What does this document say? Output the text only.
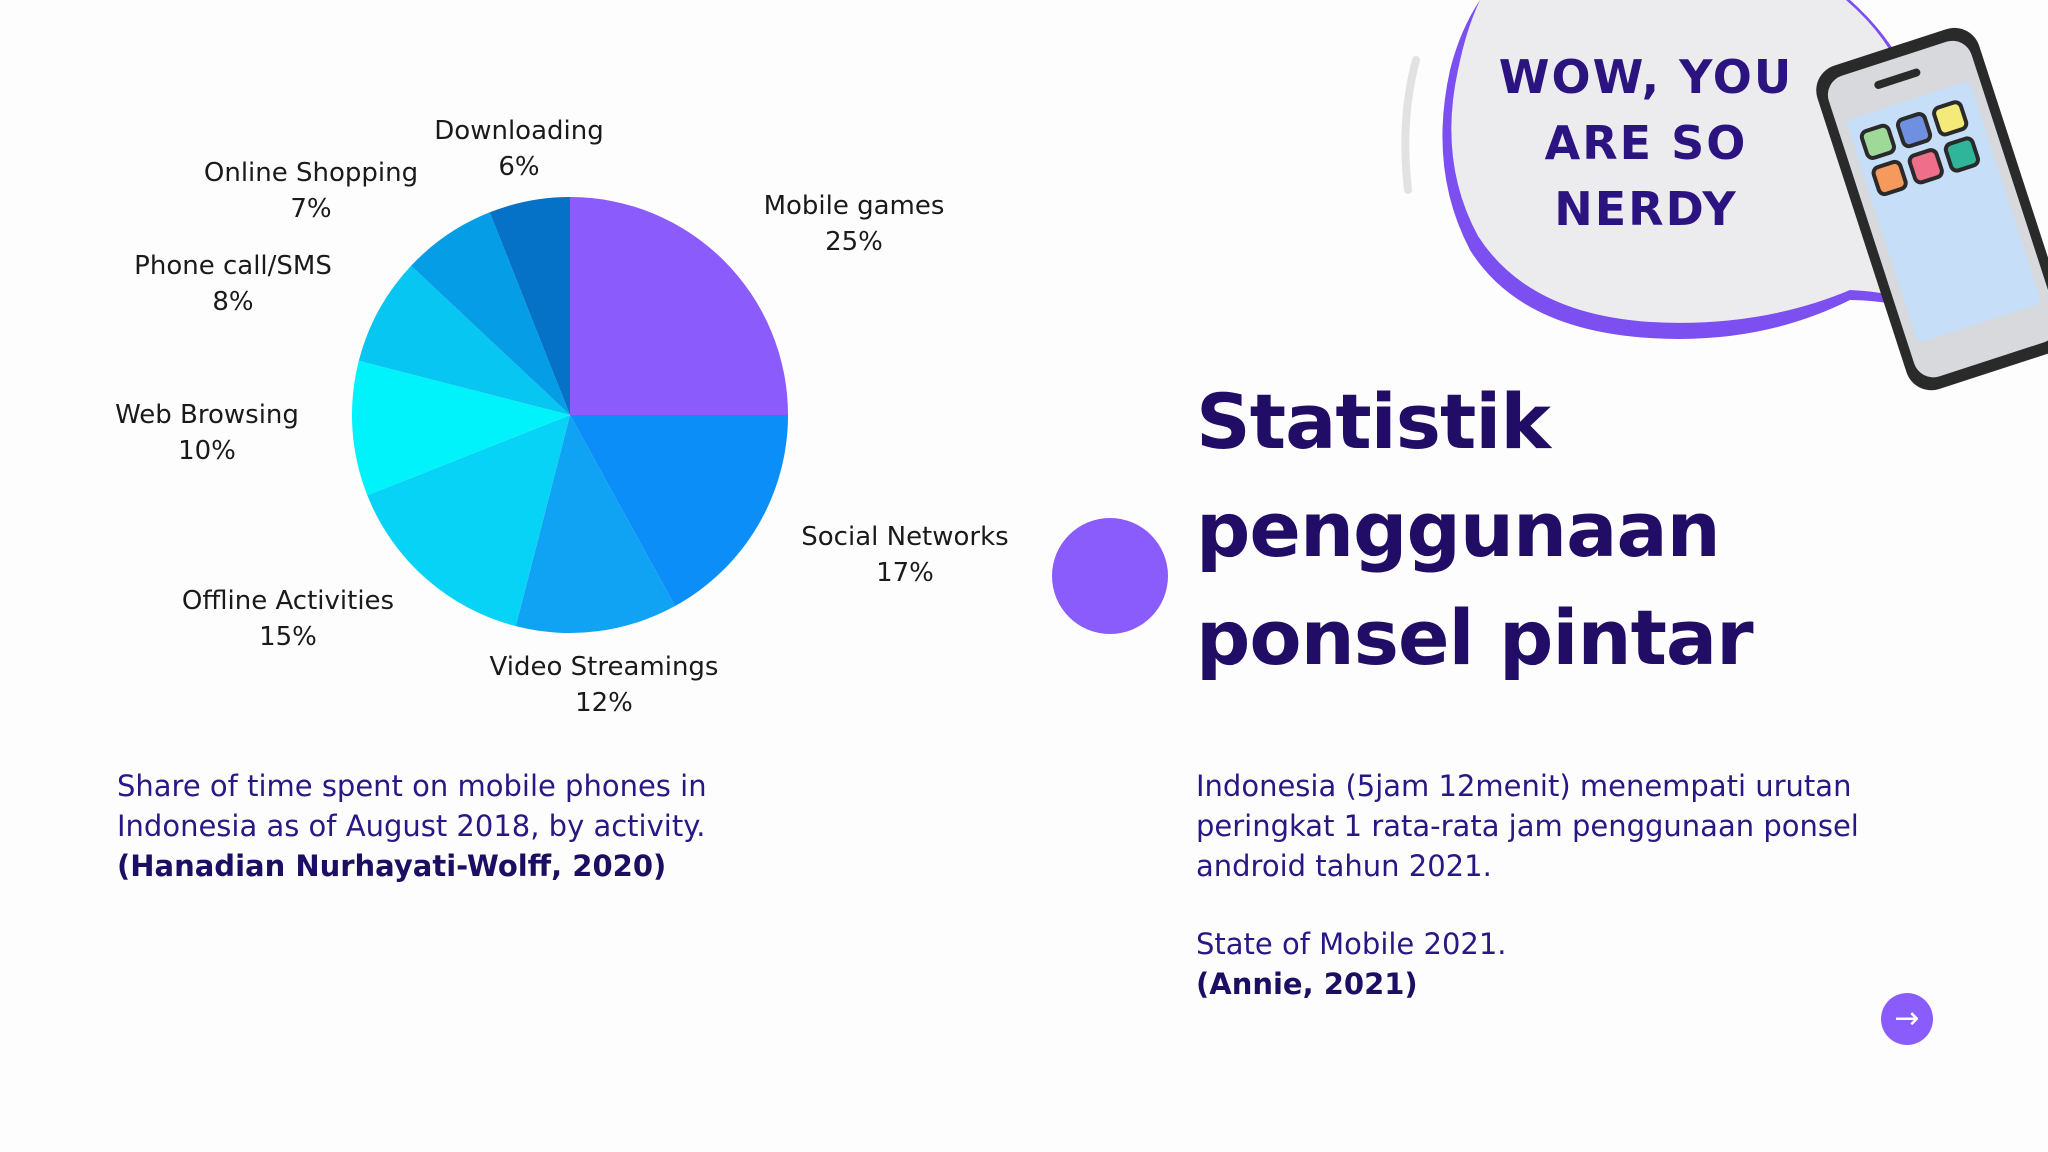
Mobile games
25%
Social Networks
17%
Video Streamings
12%
Offline Activities
15%
Web Browsing
10%
Phone call/SMS
8%
Online Shopping
7%
Downloading
6%
Share of time spent on mobile phones in Indonesia as of August 2018, by activity.
(Hanadian Nurhayati-Wolff, 2020)
Statistik
penggunaan
ponsel pintar

Indonesia (5jam 12menit) menempati urutan peringkat 1 rata-rata jam penggunaan ponsel android tahun 2021.

State of Mobile 2021.

(Annie, 2021)

WOW, YOU
ARE SO
NERDY
→
